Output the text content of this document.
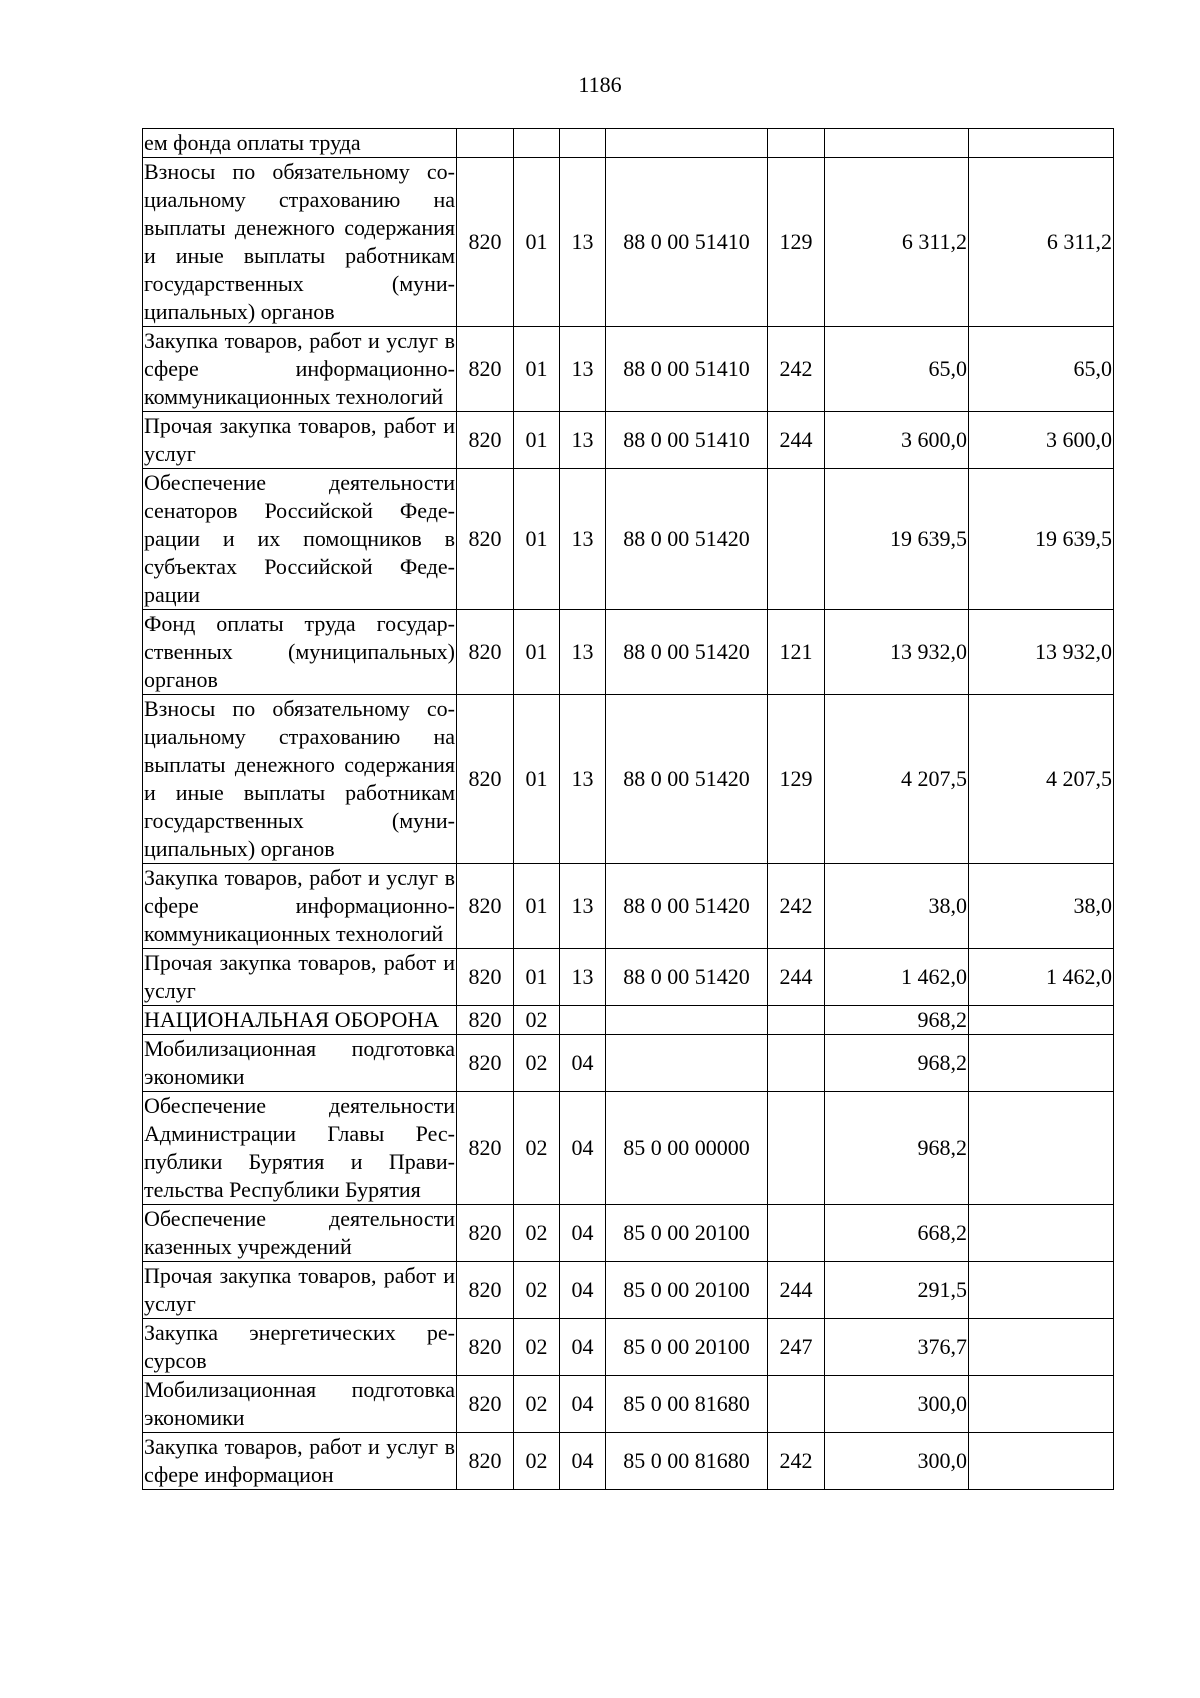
1186
ем фонда оплаты труда							
Взносы по обязательному социальному страхованию на выплаты денежного содержания и иные выплаты работникам государственных (муниципальных) органов	820	01	13	88 0 00 51410	129	6 311,2	6 311,2
Закупка товаров, работ и услуг в сфере информационно-коммуникационных технологий	820	01	13	88 0 00 51410	242	65,0	65,0
Прочая закупка товаров, работ и услуг	820	01	13	88 0 00 51410	244	3 600,0	3 600,0
Обеспечение деятельности сенаторов Российской Федерации и их помощников в субъектах Российской Федерации	820	01	13	88 0 00 51420		19 639,5	19 639,5
Фонд оплаты труда государственных (муниципальных) органов	820	01	13	88 0 00 51420	121	13 932,0	13 932,0
Взносы по обязательному социальному страхованию на выплаты денежного содержания и иные выплаты работникам государственных (муниципальных) органов	820	01	13	88 0 00 51420	129	4 207,5	4 207,5
Закупка товаров, работ и услуг в сфере информационно-коммуникационных технологий	820	01	13	88 0 00 51420	242	38,0	38,0
Прочая закупка товаров, работ и услуг	820	01	13	88 0 00 51420	244	1 462,0	1 462,0
НАЦИОНАЛЬНАЯ ОБОРОНА	820	02				968,2	
Мобилизационная подготовка экономики	820	02	04			968,2	
Обеспечение деятельности Администрации Главы Республики Бурятия и Правительства Республики Бурятия	820	02	04	85 0 00 00000		968,2	
Обеспечение деятельности казенных учреждений	820	02	04	85 0 00 20100		668,2	
Прочая закупка товаров, работ и услуг	820	02	04	85 0 00 20100	244	291,5	
Закупка энергетических ресурсов	820	02	04	85 0 00 20100	247	376,7	
Мобилизационная подготовка экономики	820	02	04	85 0 00 81680		300,0	
Закупка товаров, работ и услуг в сфере информацион	820	02	04	85 0 00 81680	242	300,0	
